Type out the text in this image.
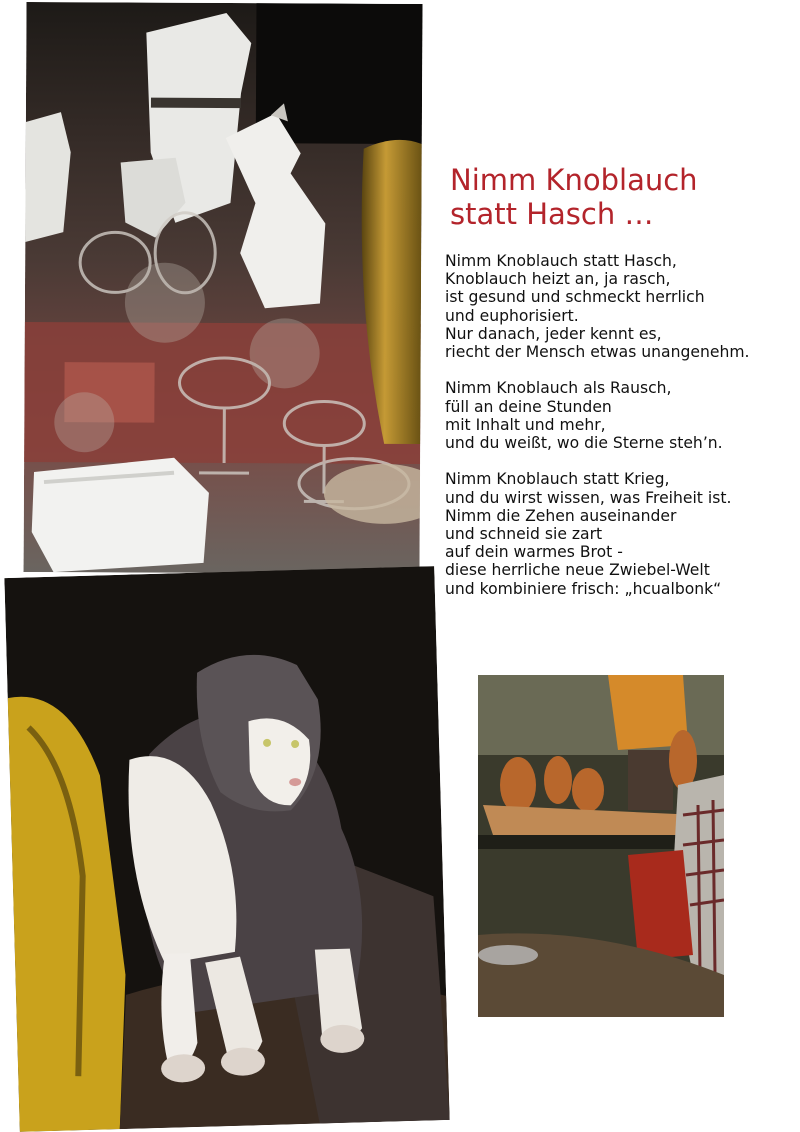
Nimm Knoblauch
statt Hasch …
Nimm Knoblauch statt Hasch,
Knoblauch heizt an, ja rasch,
ist gesund und schmeckt herrlich
und euphorisiert.
Nur danach, jeder kennt es,
riecht der Mensch etwas unangenehm.
Nimm Knoblauch als Rausch,
füll an deine Stunden
mit Inhalt und mehr,
und du weißt, wo die Sterne steh’n.
Nimm Knoblauch statt Krieg,
und du wirst wissen, was Freiheit ist.
Nimm die Zehen auseinander
und schneid sie zart
auf dein warmes Brot -
diese herrliche neue Zwiebel-Welt
und kombiniere frisch: „hcualbonk“
